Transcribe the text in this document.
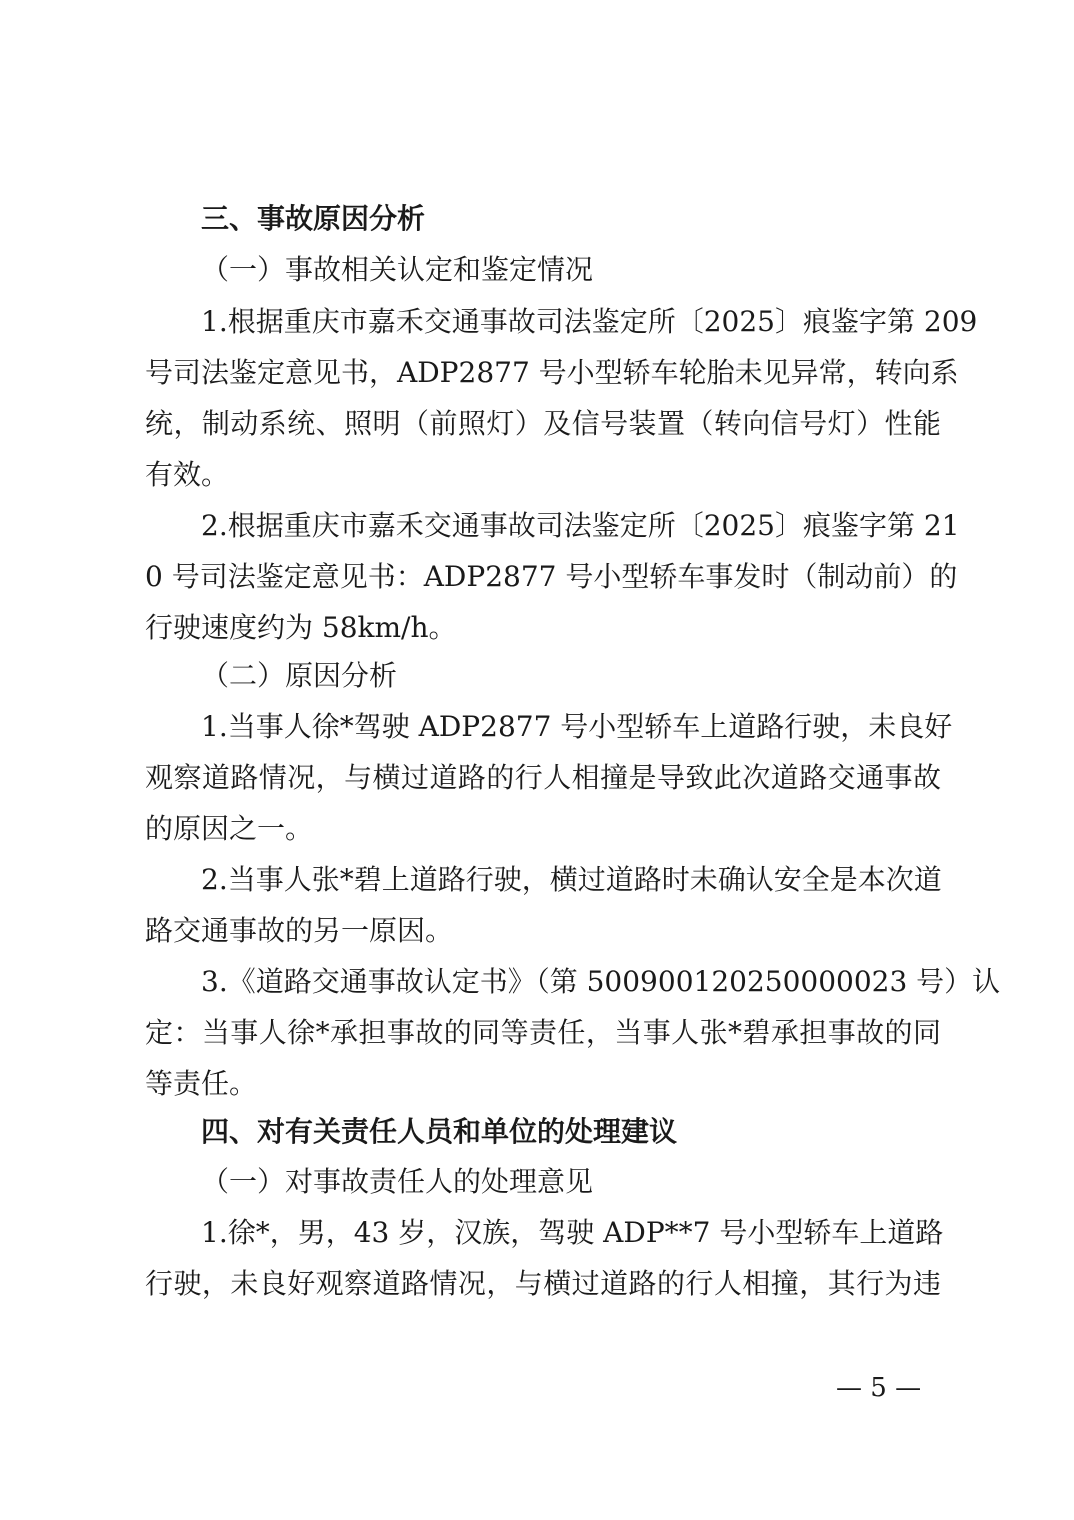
三、事故原因分析

（一）事故相关认定和鉴定情况

1.根据重庆市嘉禾交通事故司法鉴定所〔2025〕痕鉴字第 209

号司法鉴定意见书，ADP2877 号小型轿车轮胎未见异常，转向系

统，制动系统、照明（前照灯）及信号装置（转向信号灯）性能

有效。

2.根据重庆市嘉禾交通事故司法鉴定所〔2025〕痕鉴字第 21

0 号司法鉴定意见书：ADP2877 号小型轿车事发时（制动前）的

行驶速度约为 58km/h。

（二）原因分析

1.当事人徐*驾驶 ADP2877 号小型轿车上道路行驶，未良好

观察道路情况，与横过道路的行人相撞是导致此次道路交通事故

的原因之一。

2.当事人张*碧上道路行驶，横过道路时未确认安全是本次道

路交通事故的另一原因。

3.《道路交通事故认定书》（第 500900120250000023 号）认

定：当事人徐*承担事故的同等责任，当事人张*碧承担事故的同

等责任。

四、对有关责任人员和单位的处理建议

（一）对事故责任人的处理意见

1.徐*，男，43 岁，汉族，驾驶 ADP**7 号小型轿车上道路

行驶，未良好观察道路情况，与横过道路的行人相撞，其行为违

— 5 —
